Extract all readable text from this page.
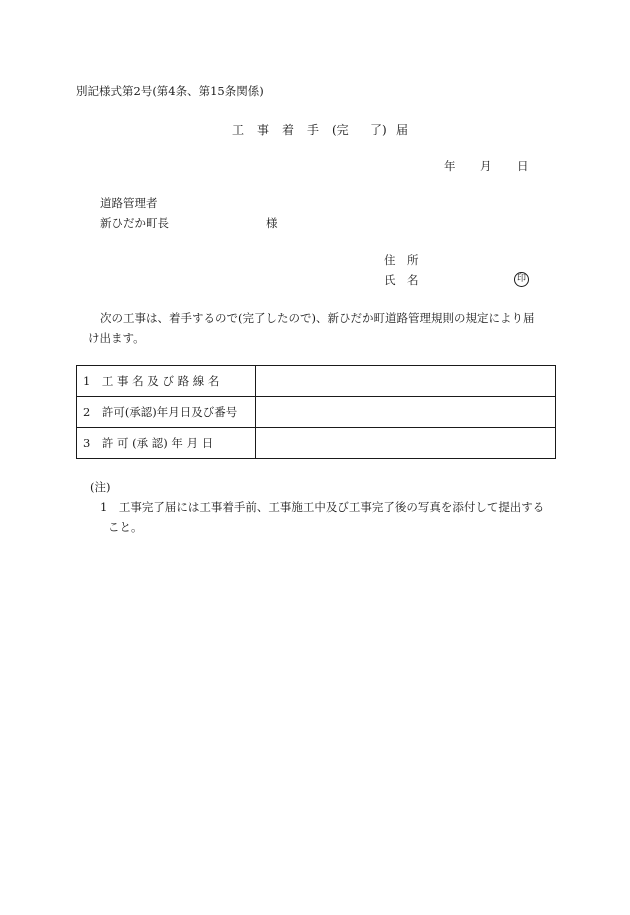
別記様式第2号(第4条、第15条関係)
工 事 着 手 (完 了) 届
年 月 日
道路管理者
新ひだか町長	様
住　所
氏　名	印
次の工事は、着手するので(完了したので)、新ひだか町道路管理規則の規定により届
け出ます。
1　工 事 名 及 び 路 線 名	
2　許可(承認)年月日及び番号	
3　許 可 (承 認) 年 月 日	
(注)
1　工事完了届には工事着手前、工事施工中及び工事完了後の写真を添付して提出する
こと。
